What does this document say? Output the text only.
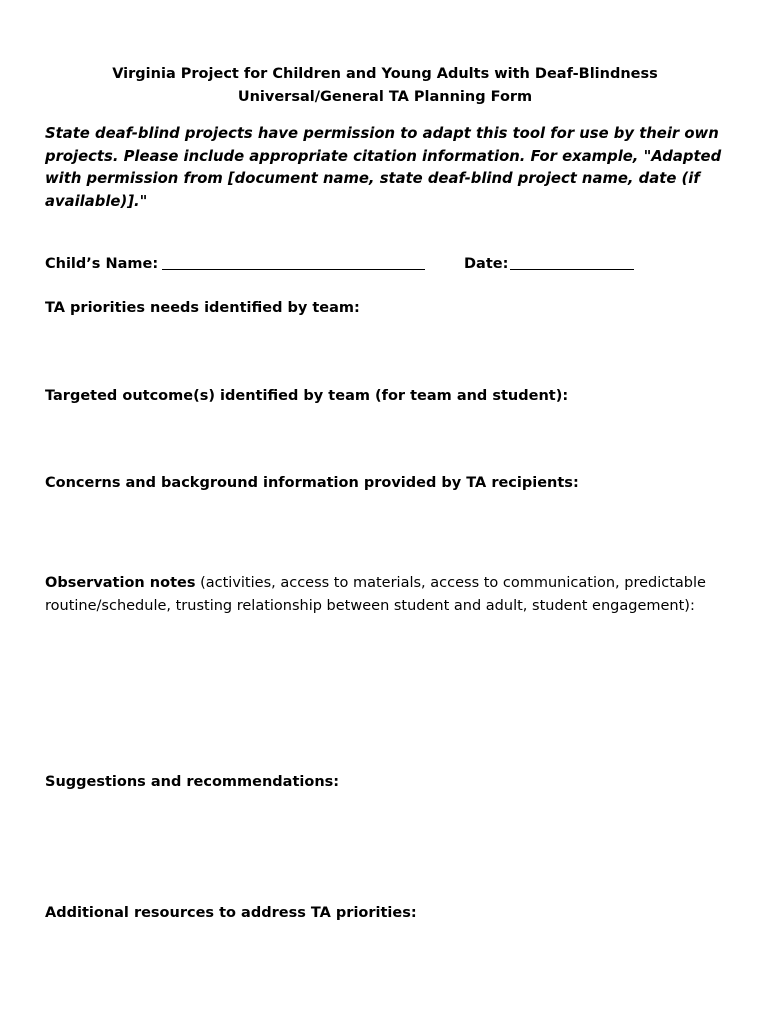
Virginia Project for Children and Young Adults with Deaf-Blindness
Universal/General TA Planning Form
State deaf-blind projects have permission to adapt this tool for use by their own projects. Please include appropriate citation information. For example, "Adapted with permission from [document name, state deaf-blind project name, date (if available)]."
Child’s Name:	Date:
TA priorities needs identified by team:
Targeted outcome(s) identified by team (for team and student):
Concerns and background information provided by TA recipients:
Observation notes (activities, access to materials, access to communication, predictable routine/schedule, trusting relationship between student and adult, student engagement):
Suggestions and recommendations:
Additional resources to address TA priorities:
